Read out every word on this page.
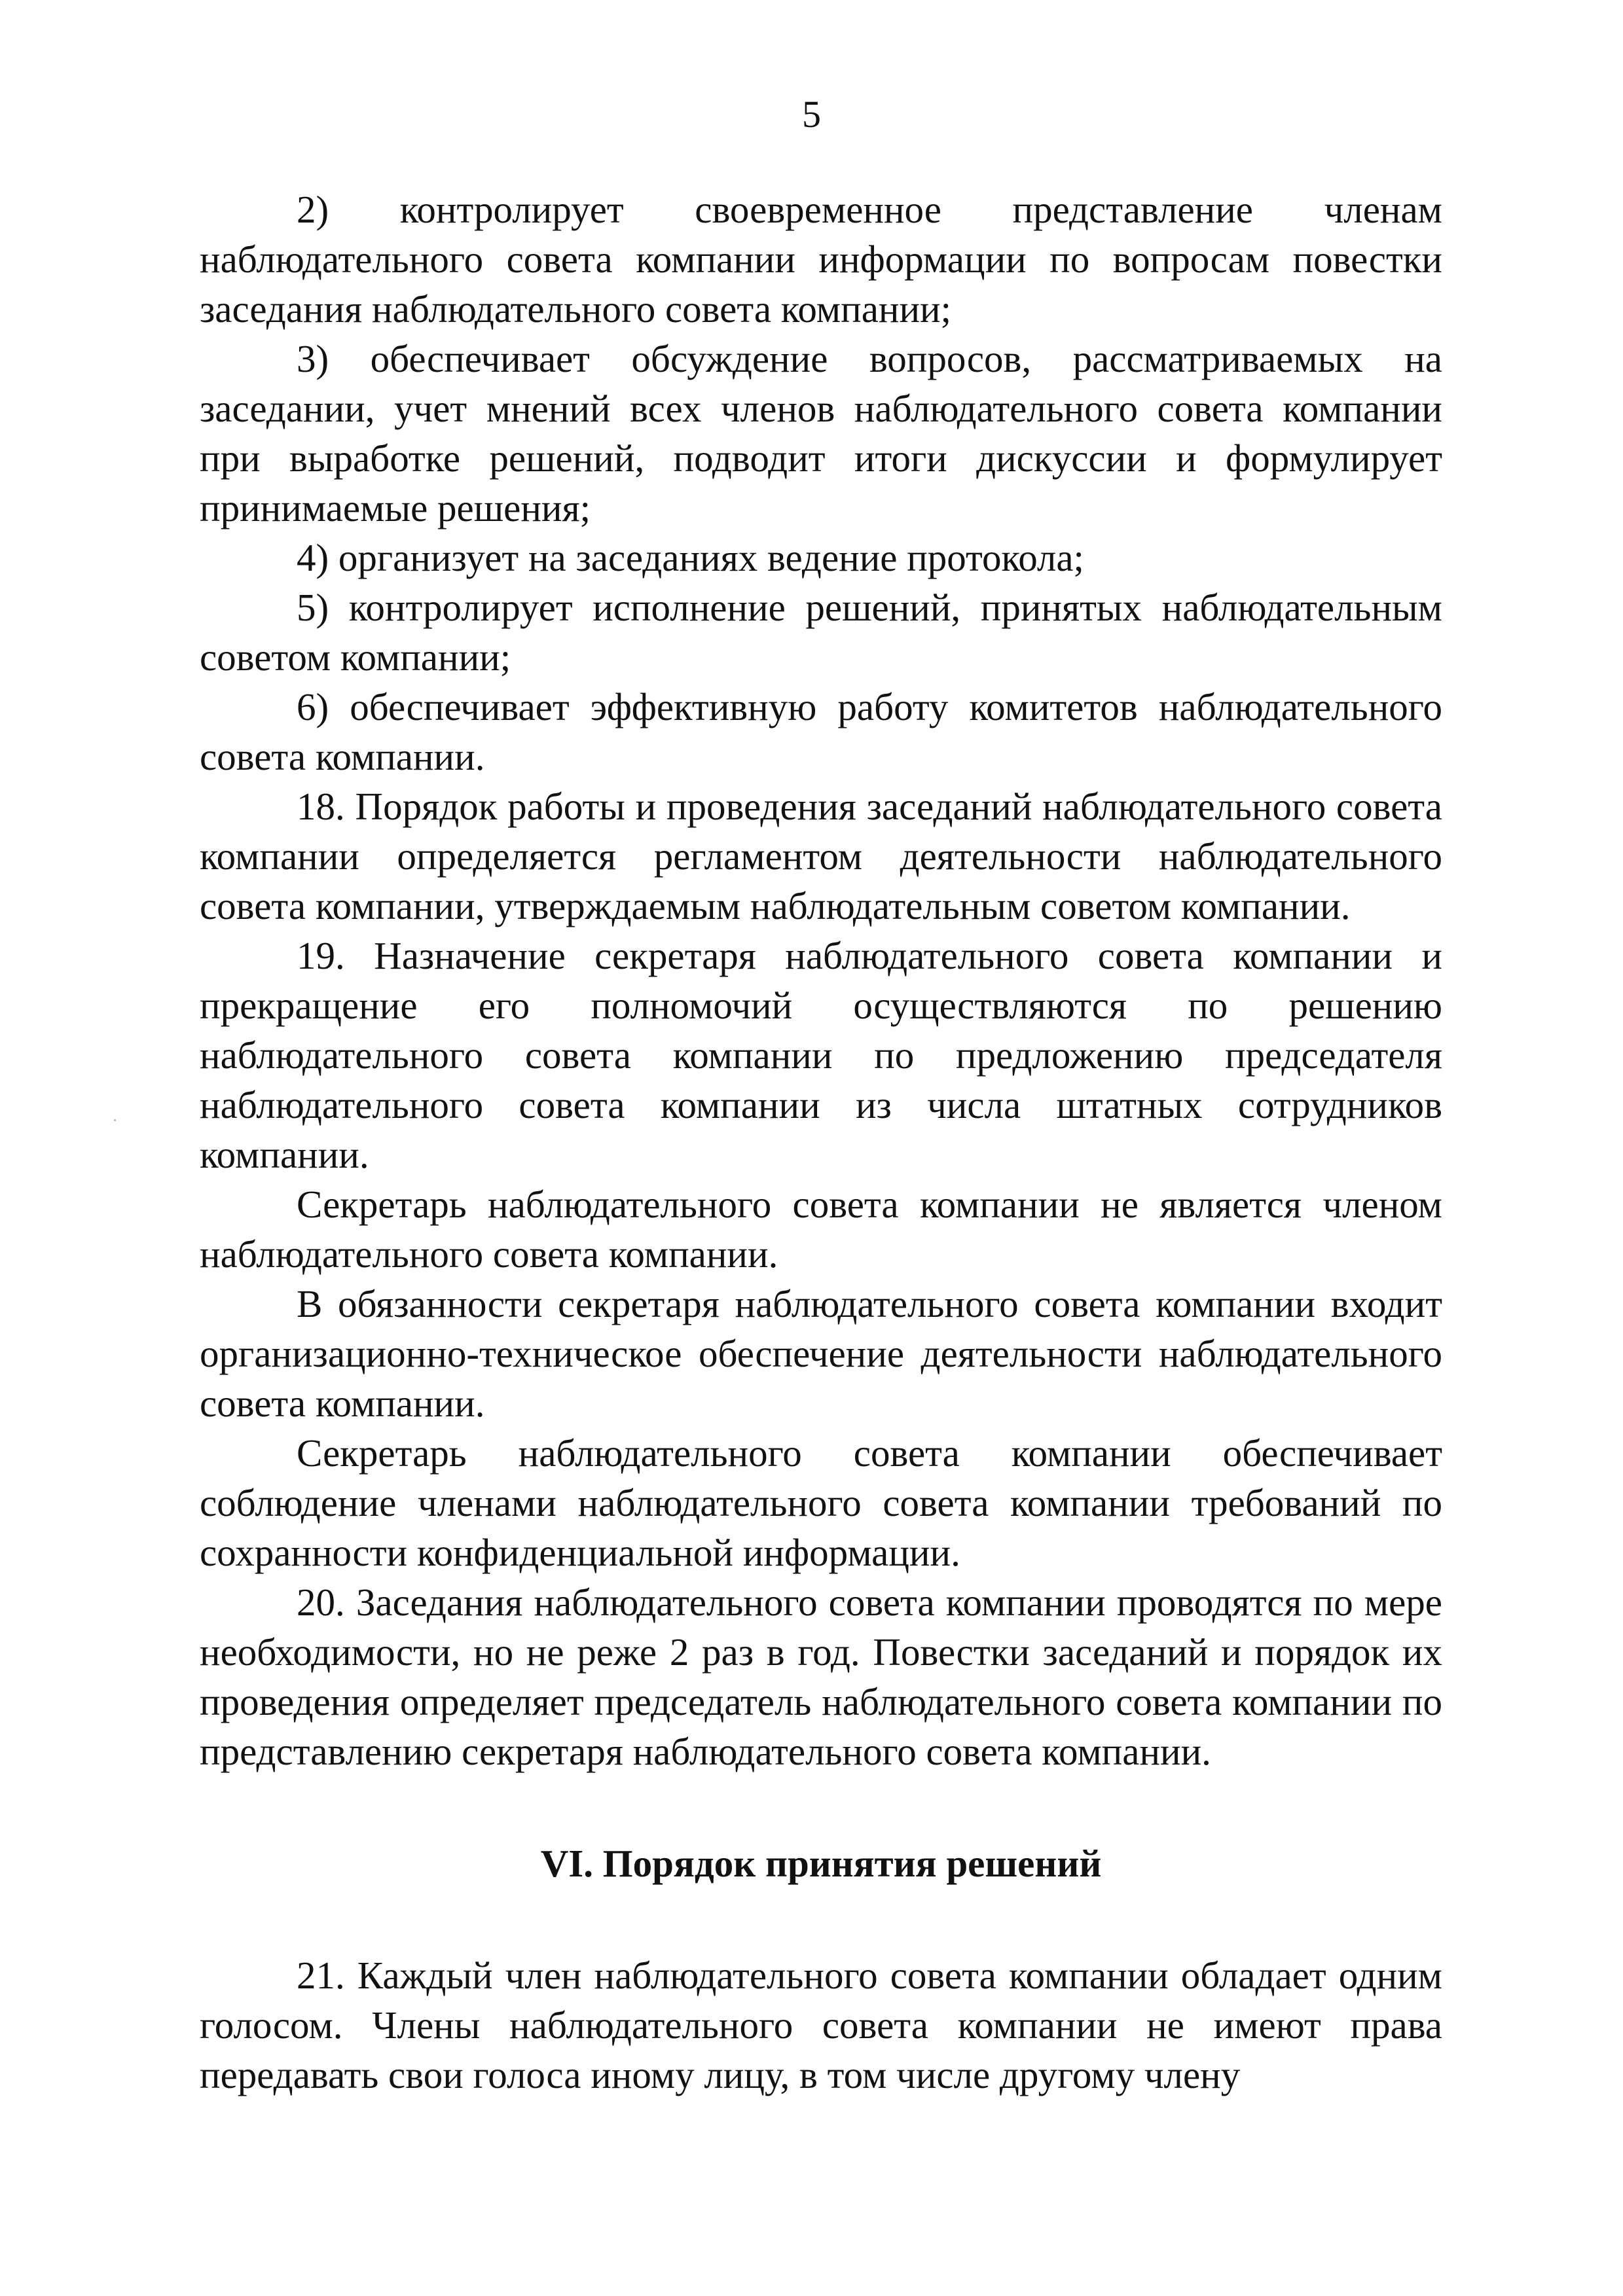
5

2) контролирует своевременное представление членам наблюдательного совета компании информации по вопросам повестки заседания наблюдательного совета компании;

3) обеспечивает обсуждение вопросов, рассматриваемых на заседании, учет мнений всех членов наблюдательного совета компании при выработке решений, подводит итоги дискуссии и формулирует принимаемые решения;

4) организует на заседаниях ведение протокола;

5) контролирует исполнение решений, принятых наблюдательным советом компании;

6) обеспечивает эффективную работу комитетов наблюдательного совета компании.

18. Порядок работы и проведения заседаний наблюдательного совета компании определяется регламентом деятельности наблюдательного совета компании, утверждаемым наблюдательным советом компании.

19. Назначение секретаря наблюдательного совета компании и прекращение его полномочий осуществляются по решению наблюдательного совета компании по предложению председателя наблюдательного совета компании из числа штатных сотрудников компании.

Секретарь наблюдательного совета компании не является членом наблюдательного совета компании.

В обязанности секретаря наблюдательного совета компании входит организационно-техническое обеспечение деятельности наблюдательного совета компании.

Секретарь наблюдательного совета компании обеспечивает соблюдение членами наблюдательного совета компании требований по сохранности конфиденциальной информации.

20. Заседания наблюдательного совета компании проводятся по мере необходимости, но не реже 2 раз в год. Повестки заседаний и порядок их проведения определяет председатель наблюдательного совета компании по представлению секретаря наблюдательного совета компании.

VI. Порядок принятия решений

21. Каждый член наблюдательного совета компании обладает одним голосом. Члены наблюдательного совета компании не имеют права передавать свои голоса иному лицу, в том числе другому члену
